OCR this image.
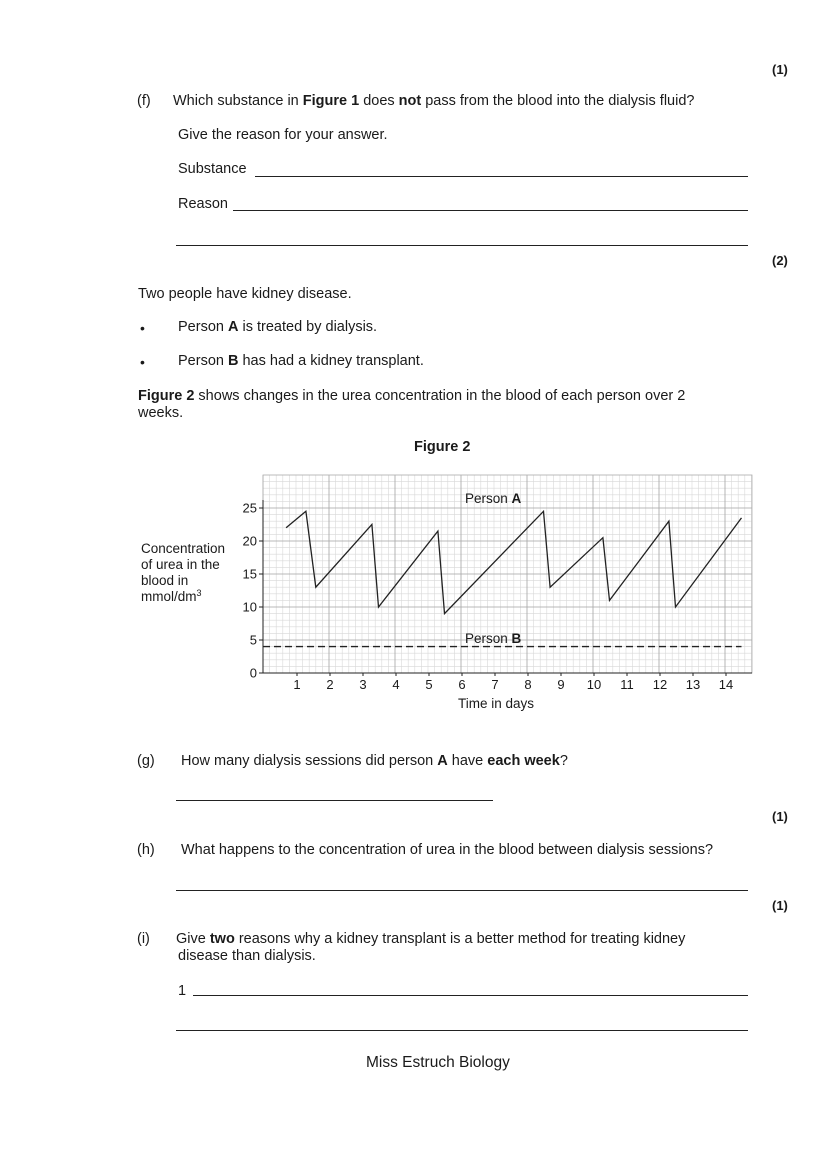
(1)
(f) Which substance in Figure 1 does not pass from the blood into the dialysis fluid?
Give the reason for your answer.
Substance
Reason
(2)
Two people have kidney disease.
• Person A is treated by dialysis.
• Person B has had a kidney transplant.
Figure 2 shows changes in the urea concentration in the blood of each person over 2
weeks.
Figure 2
0
5
10
15
20
25
1 2 3 4 5 6 7 8 9 10 11 12 13 14
Person A
Person B
Concentration
of urea in the
blood in
mmol/$dm^3$
Time in days
(g) How many dialysis sessions did person A have each week?
(1)
(h) What happens to the concentration of urea in the blood between dialysis sessions?
(1)
(i) Give two reasons why a kidney transplant is a better method for treating kidney
disease than dialysis.
1
Miss Estruch Biology
